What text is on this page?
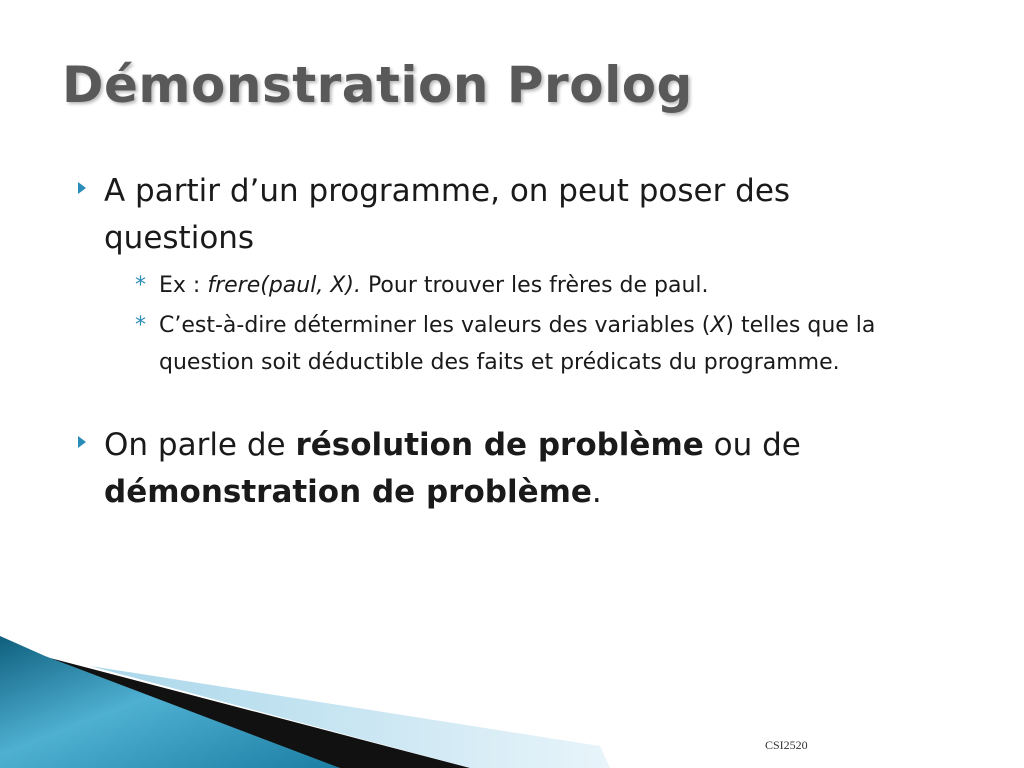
Démonstration Prolog
A partir d’un programme, on peut poser des questions
* Ex : frere(paul, X). Pour trouver les frères de paul.
* C’est-à-dire déterminer les valeurs des variables (X) telles que la question soit déductible des faits et prédicats du programme.
On parle de résolution de problème ou de démonstration de problème.
CSI2520
